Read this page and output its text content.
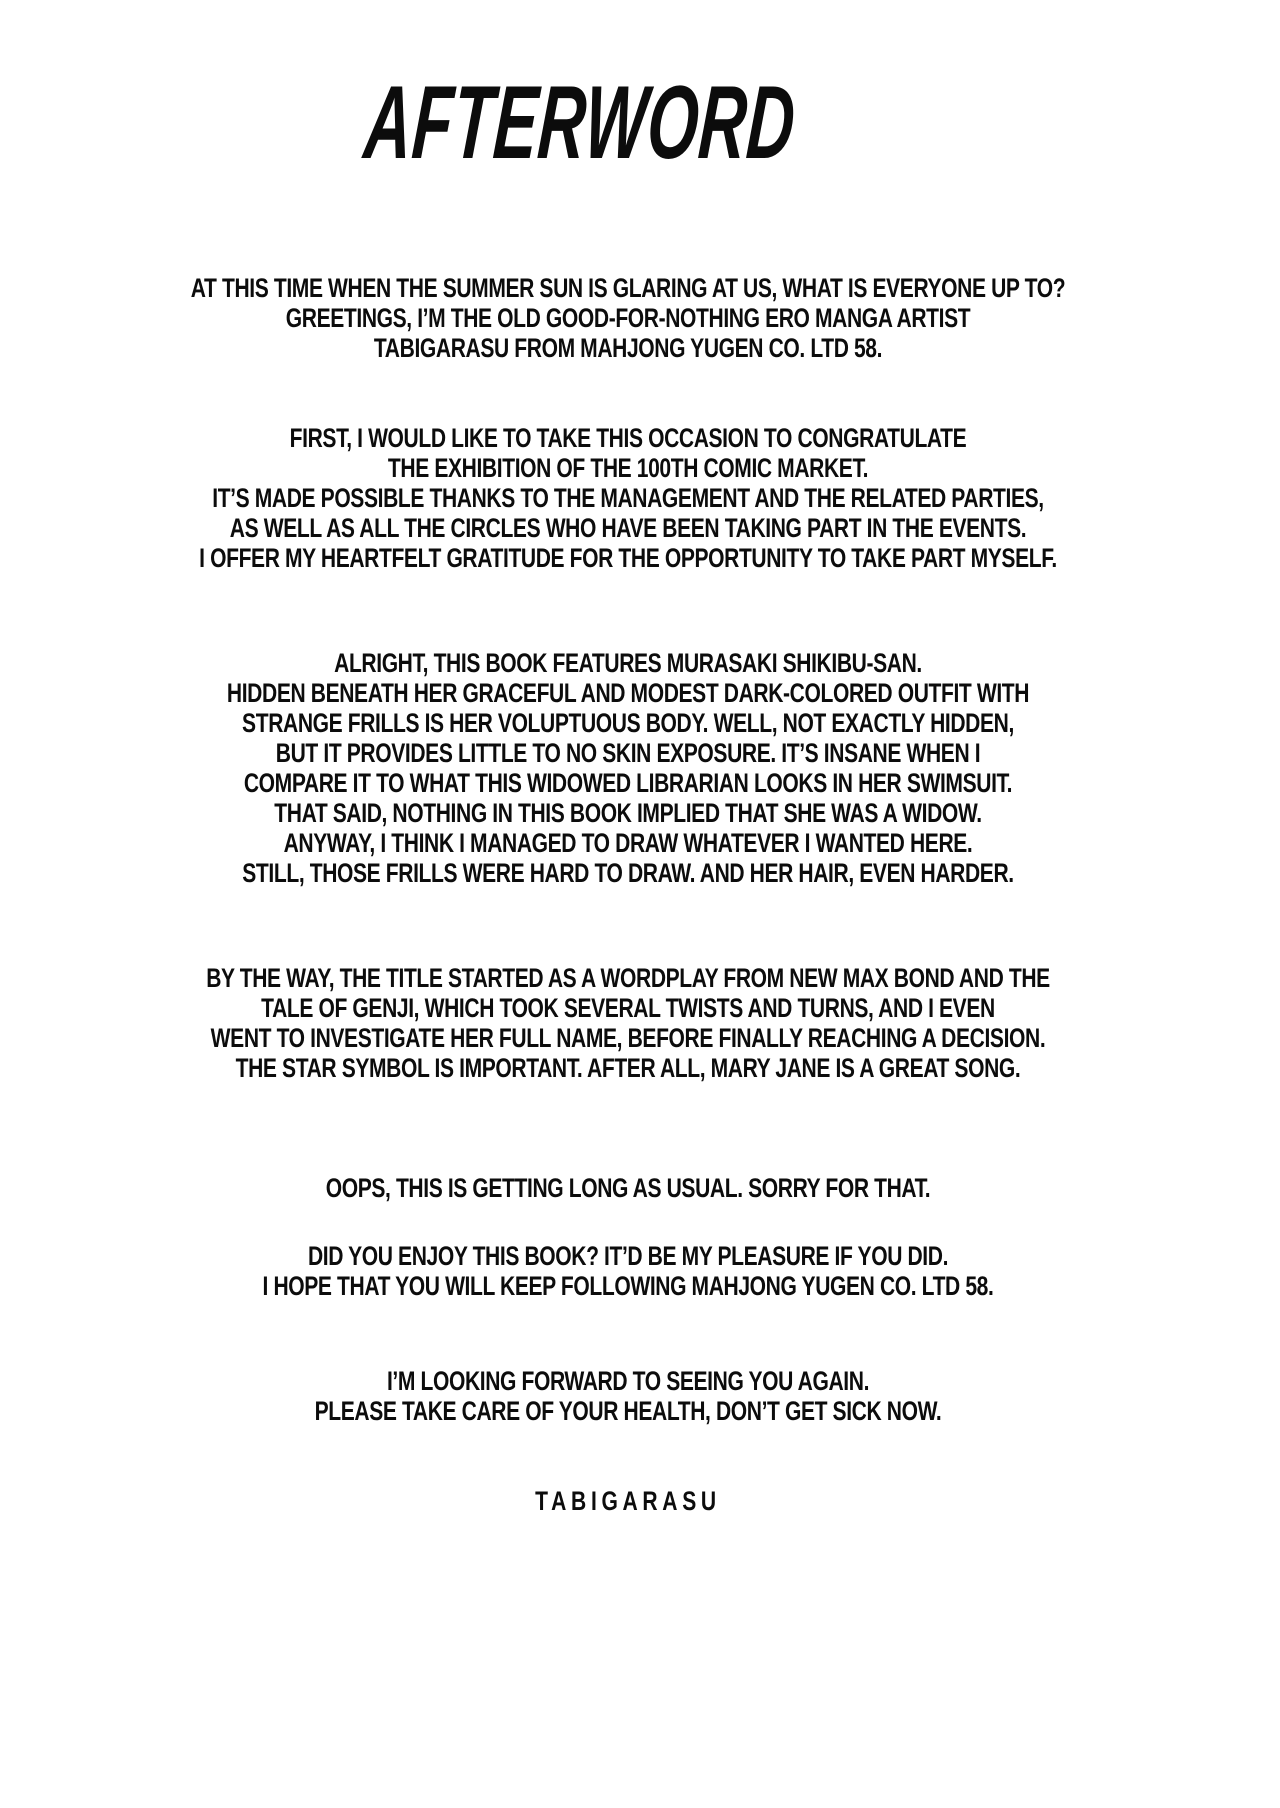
AFTERWORD
AT THIS TIME WHEN THE SUMMER SUN IS GLARING AT US, WHAT IS EVERYONE UP TO?
GREETINGS, I’M THE OLD GOOD-FOR-NOTHING ERO MANGA ARTIST
TABIGARASU FROM MAHJONG YUGEN CO. LTD 58.
FIRST, I WOULD LIKE TO TAKE THIS OCCASION TO CONGRATULATE
THE EXHIBITION OF THE 100TH COMIC MARKET.
IT’S MADE POSSIBLE THANKS TO THE MANAGEMENT AND THE RELATED PARTIES,
AS WELL AS ALL THE CIRCLES WHO HAVE BEEN TAKING PART IN THE EVENTS.
I OFFER MY HEARTFELT GRATITUDE FOR THE OPPORTUNITY TO TAKE PART MYSELF.
ALRIGHT, THIS BOOK FEATURES MURASAKI SHIKIBU-SAN.
HIDDEN BENEATH HER GRACEFUL AND MODEST DARK-COLORED OUTFIT WITH
STRANGE FRILLS IS HER VOLUPTUOUS BODY. WELL, NOT EXACTLY HIDDEN,
BUT IT PROVIDES LITTLE TO NO SKIN EXPOSURE. IT’S INSANE WHEN I
COMPARE IT TO WHAT THIS WIDOWED LIBRARIAN LOOKS IN HER SWIMSUIT.
THAT SAID, NOTHING IN THIS BOOK IMPLIED THAT SHE WAS A WIDOW.
ANYWAY, I THINK I MANAGED TO DRAW WHATEVER I WANTED HERE.
STILL, THOSE FRILLS WERE HARD TO DRAW. AND HER HAIR, EVEN HARDER.
BY THE WAY, THE TITLE STARTED AS A WORDPLAY FROM NEW MAX BOND AND THE
TALE OF GENJI, WHICH TOOK SEVERAL TWISTS AND TURNS, AND I EVEN
WENT TO INVESTIGATE HER FULL NAME, BEFORE FINALLY REACHING A DECISION.
THE STAR SYMBOL IS IMPORTANT. AFTER ALL, MARY JANE IS A GREAT SONG.
OOPS, THIS IS GETTING LONG AS USUAL. SORRY FOR THAT.
DID YOU ENJOY THIS BOOK? IT’D BE MY PLEASURE IF YOU DID.
I HOPE THAT YOU WILL KEEP FOLLOWING MAHJONG YUGEN CO. LTD 58.
I’M LOOKING FORWARD TO SEEING YOU AGAIN.
PLEASE TAKE CARE OF YOUR HEALTH, DON’T GET SICK NOW.
TABIGARASU
